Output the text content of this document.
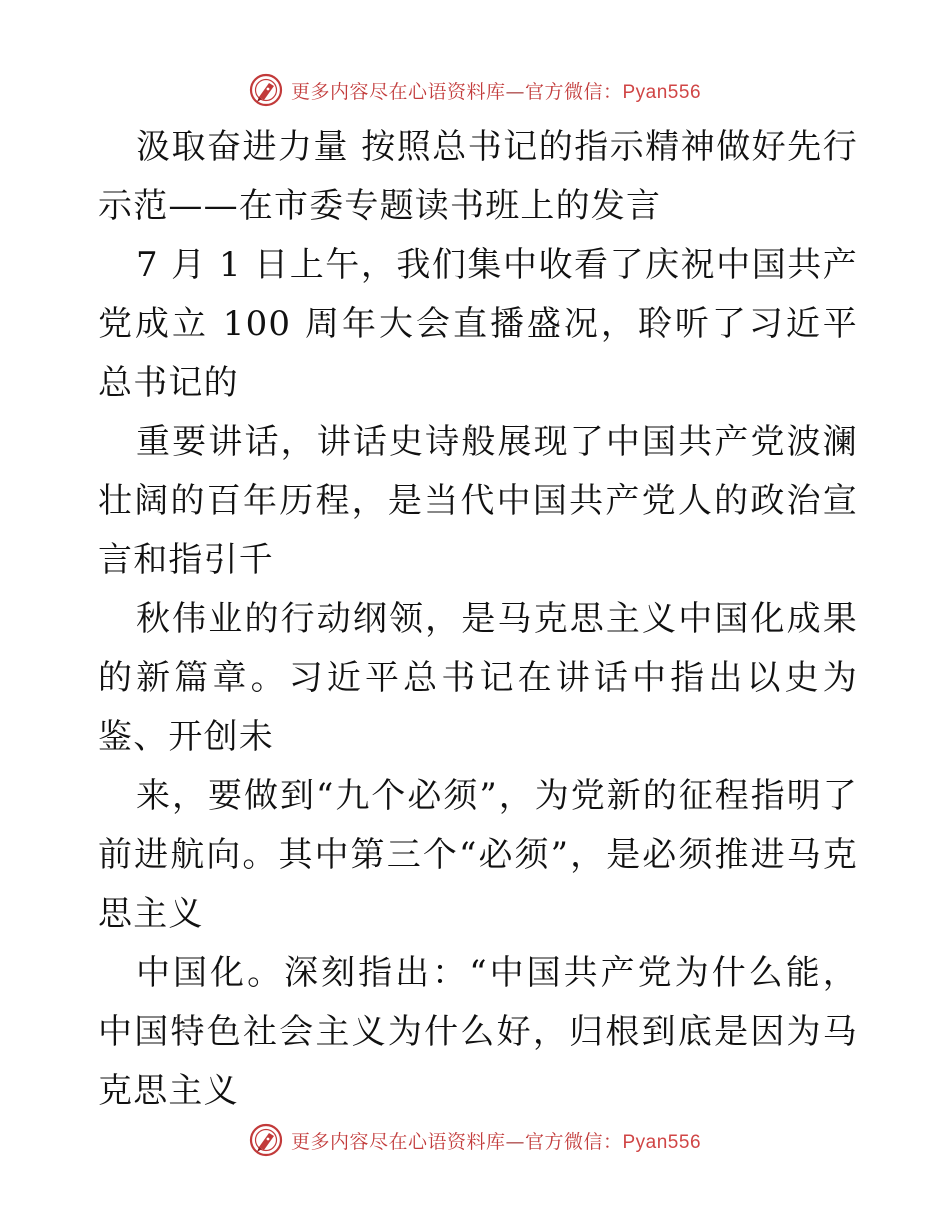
更多内容尽在心语资料库—官方微信：Pyan556

汲取奋进力量 按照总书记的指示精神做好先行示范——在市委专题读书班上的发言

7 月 1 日上午，我们集中收看了庆祝中国共产党成立 100 周年大会直播盛况，聆听了习近平总书记的

重要讲话，讲话史诗般展现了中国共产党波澜壮阔的百年历程，是当代中国共产党人的政治宣言和指引千

秋伟业的行动纲领，是马克思主义中国化成果的新篇章。习近平总书记在讲话中指出以史为鉴、开创未

来，要做到“九个必须”，为党新的征程指明了前进航向。其中第三个“必须”，是必须推进马克思主义

中国化。深刻指出：“中国共产党为什么能，中国特色社会主义为什么好，归根到底是因为马克思主义

更多内容尽在心语资料库—官方微信：Pyan556
